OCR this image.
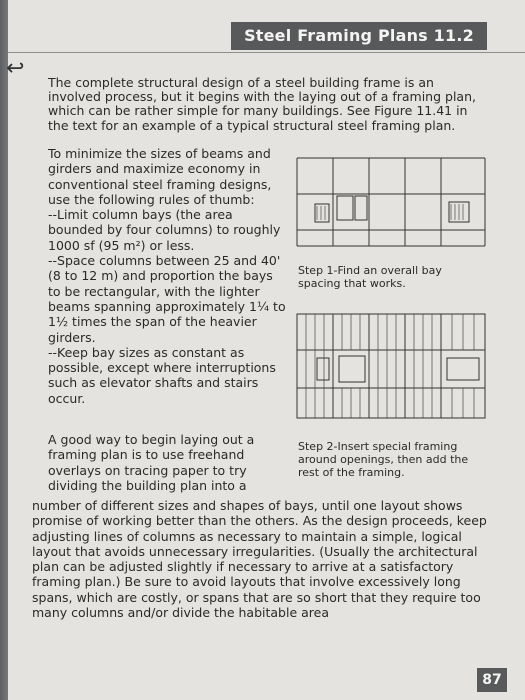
↩
Steel Framing Plans 11.2
The complete structural design of a steel building frame is an involved process, but it begins with the laying out of a framing plan, which can be rather simple for many buildings. See Figure 11.41 in the text for an example of a typical structural steel framing plan.

To minimize the sizes of beams and girders and maximize economy in conventional steel framing designs, use the following rules of thumb:

--Limit column bays (the area bounded by four columns) to roughly 1000 sf (95 m²) or less.

--Space columns between 25 and 40' (8 to 12 m) and proportion the bays to be rectangular, with the lighter beams spanning approximately 1¼ to 1½ times the span of the heavier girders.

--Keep bay sizes as constant as possible, except where interruptions such as elevator shafts and stairs occur.

Step 1-Find an overall bay spacing that works.
Step 2-Insert special framing around openings, then add the rest of the framing.
A good way to begin laying out a framing plan is to use freehand overlays on tracing paper to try dividing the building plan into a
number of different sizes and shapes of bays, until one layout shows promise of working better than the others. As the design proceeds, keep adjusting lines of columns as necessary to maintain a simple, logical layout that avoids unnecessary irregularities. (Usually the architectural plan can be adjusted slightly if necessary to arrive at a satisfactory framing plan.) Be sure to avoid layouts that involve excessively long spans, which are costly, or spans that are so short that they require too many columns and/or divide the habitable area
87
